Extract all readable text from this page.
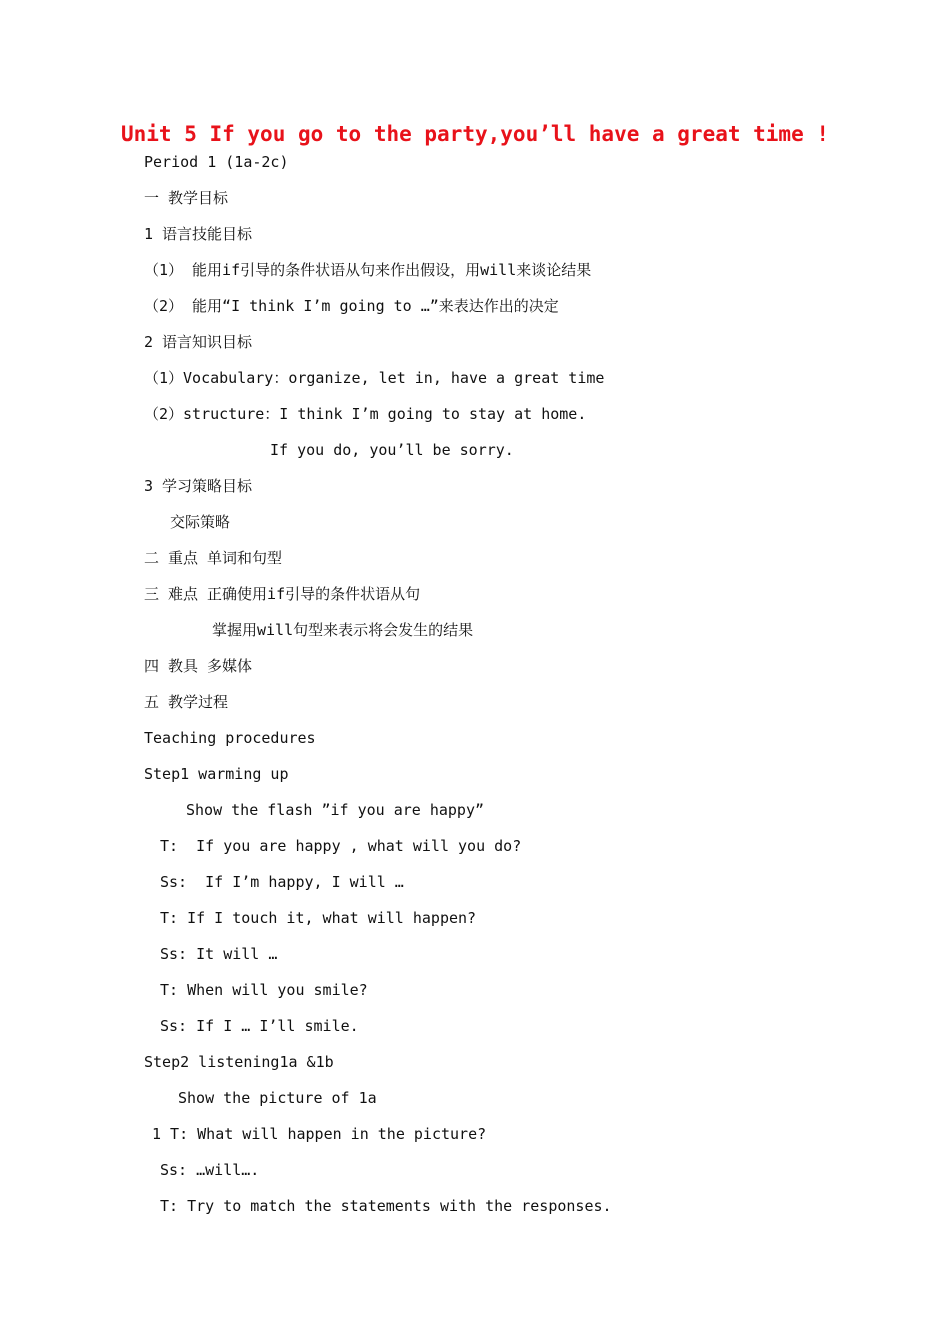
Unit 5 If you go to the party,you’ll have a great time !
Period 1 (1a-2c)
一 教学目标
1 语言技能目标
（1） 能用if引导的条件状语从句来作出假设，用will来谈论结果
（2） 能用“I think I’m going to …”来表达作出的决定
2 语言知识目标
（1）Vocabulary：organize, let in, have a great time
（2）structure：I think I’m going to stay at home.
If you do, you’ll be sorry.
3 学习策略目标
交际策略
二 重点 单词和句型
三 难点 正确使用if引导的条件状语从句
掌握用will句型来表示将会发生的结果
四 教具 多媒体
五 教学过程
Teaching procedures
Step1 warming up
Show the flash ”if you are happy”
T:  If you are happy , what will you do?
Ss:  If I’m happy, I will …
T: If I touch it, what will happen?
Ss: It will …
T: When will you smile?
Ss: If I … I’ll smile.
Step2 listening1a &1b
Show the picture of 1a
1 T: What will happen in the picture?
Ss: …will….
T: Try to match the statements with the responses.
